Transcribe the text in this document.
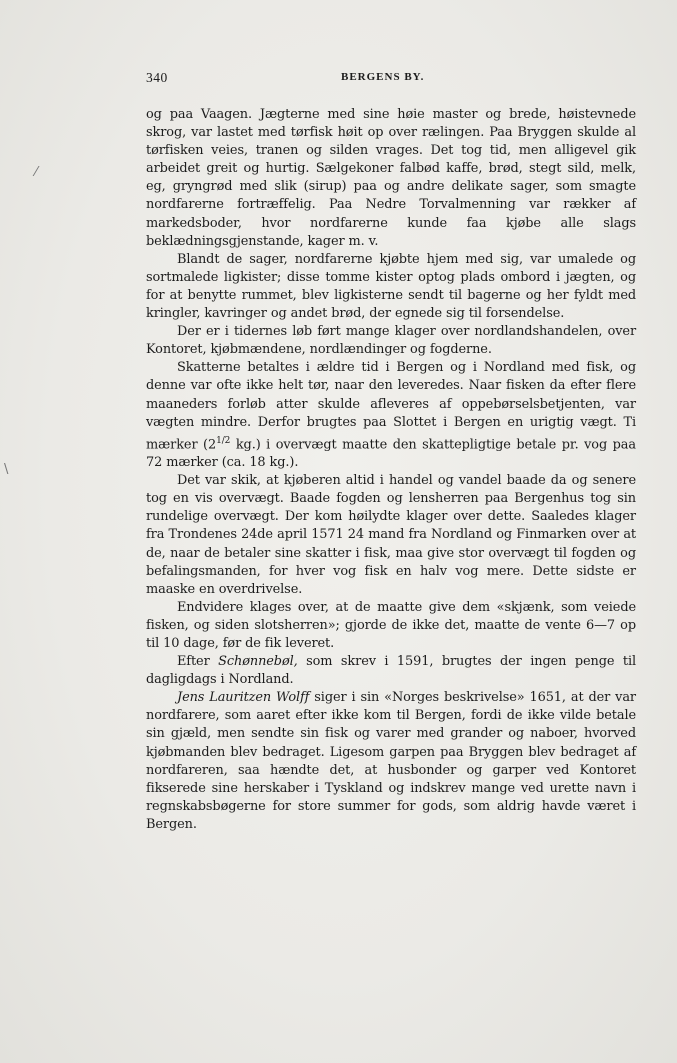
340	BERGENS BY.

og paa Vaagen. Jægterne med sine høie master og brede, høistevnede skrog, var lastet med tørfisk høit op over rælingen. Paa Bryggen skulde al tørfisken veies, tranen og silden vrages. Det tog tid, men alligevel gik arbeidet greit og hurtig. Sælgekoner falbød kaffe, brød, stegt sild, melk, eg, gryngrød med slik (sirup) paa og andre delikate sager, som smagte nordfarerne fortræffelig. Paa Nedre Torvalmenning var rækker af markedsboder, hvor nordfarerne kunde faa kjøbe alle slags beklædningsgjenstande, kager m. v.

Blandt de sager, nordfarerne kjøbte hjem med sig, var umalede og sortmalede ligkister; disse tomme kister optog plads ombord i jægten, og for at benytte rummet, blev ligkisterne sendt til bagerne og her fyldt med kringler, kavringer og andet brød, der egnede sig til forsendelse.

Der er i tidernes løb ført mange klager over nordlandshandelen, over Kontoret, kjøbmændene, nordlændinger og fogderne.

Skatterne betaltes i ældre tid i Bergen og i Nordland med fisk, og denne var ofte ikke helt tør, naar den leveredes. Naar fisken da efter flere maaneders forløb atter skulde afleveres af oppebørselsbetjenten, var vægten mindre. Derfor brugtes paa Slottet i Bergen en urigtig vægt. Ti mærker ($2^{1/2}$ kg.) i overvægt maatte den skattepligtige betale pr. vog paa 72 mærker (ca. 18 kg.).

Det var skik, at kjøberen altid i handel og vandel baade da og senere tog en vis overvægt. Baade fogden og lensherren paa Bergenhus tog sin rundelige overvægt. Der kom høilydte klager over dette. Saaledes klager fra Trondenes 24de april 1571 24 mand fra Nordland og Finmarken over at de, naar de betaler sine skatter i fisk, maa give stor overvægt til fogden og befalingsmanden, for hver vog fisk en halv vog mere. Dette sidste er maaske en overdrivelse.

Endvidere klages over, at de maatte give dem «skjænk, som veiede fisken, og siden slotsherren»; gjorde de ikke det, maatte de vente 6—7 op til 10 dage, før de fik leveret.

Efter Schønnebøl, som skrev i 1591, brugtes der ingen penge til dagligdags i Nordland.

Jens Lauritzen Wolff siger i sin «Norges beskrivelse» 1651, at der var nordfarere, som aaret efter ikke kom til Bergen, fordi de ikke vilde betale sin gjæld, men sendte sin fisk og varer med grander og naboer, hvorved kjøbmanden blev bedraget. Ligesom garpen paa Bryggen blev bedraget af nordfareren, saa hændte det, at husbonder og garper ved Kontoret fikserede sine herskaber i Tyskland og indskrev mange ved urette navn i regnskabsbøgerne for store summer for gods, som aldrig havde været i Bergen.

⁄
\
